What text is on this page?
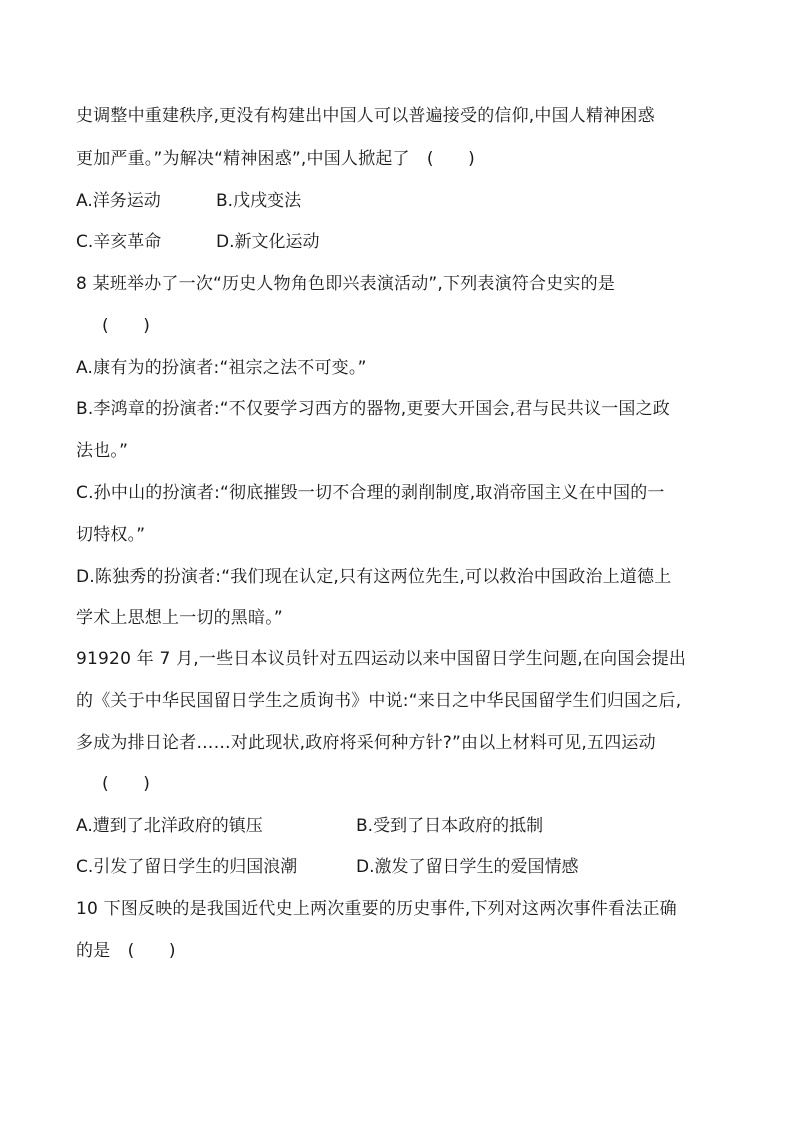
史调整中重建秩序,更没有构建出中国人可以普遍接受的信仰,中国人精神困惑
更加严重。”为解决“精神困惑”,中国人掀起了　(　　)
A.洋务运动	B.戊戌变法
C.辛亥革命	D.新文化运动
8 某班举办了一次“历史人物角色即兴表演活动”,下列表演符合史实的是
(　　)
A.康有为的扮演者:“祖宗之法不可变。”
B.李鸿章的扮演者:“不仅要学习西方的器物,更要大开国会,君与民共议一国之政
法也。”
C.孙中山的扮演者:“彻底摧毁一切不合理的剥削制度,取消帝国主义在中国的一
切特权。”
D.陈独秀的扮演者:“我们现在认定,只有这两位先生,可以救治中国政治上道德上
学术上思想上一切的黑暗。”
91920 年 7 月,一些日本议员针对五四运动以来中国留日学生问题,在向国会提出
的《关于中华民国留日学生之质询书》中说:“来日之中华民国留学生们归国之后,
多成为排日论者……对此现状,政府将采何种方针?”由以上材料可见,五四运动
(　　)
A.遭到了北洋政府的镇压	B.受到了日本政府的抵制
C.引发了留日学生的归国浪潮	D.激发了留日学生的爱国情感
10 下图反映的是我国近代史上两次重要的历史事件,下列对这两次事件看法正确
的是　(　　)
